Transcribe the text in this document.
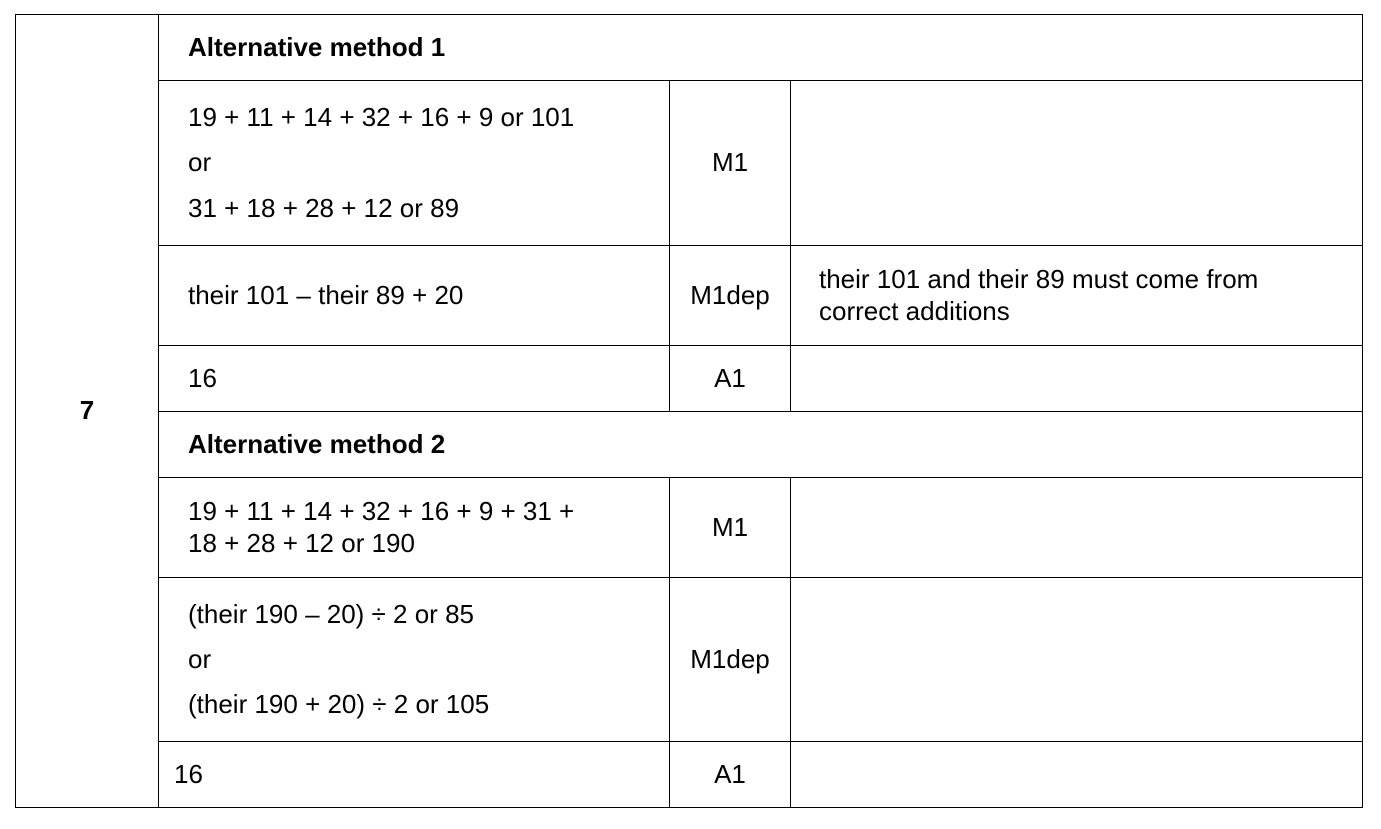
7	Alternative method 1		

	19 + 11 + 14 + 32 + 16 + 9 or 101
or
31 + 18 + 28 + 12 or 89	M1	

	their 101 – their 89 + 20	M1dep	their 101 and their 89 must come from
correct additions

	16	A1	
	Alternative method 2		

	19 + 11 + 14 + 32 + 16 + 9 + 31 +
18 + 28 + 12 or 190	M1	

	(their 190 – 20) ÷ 2 or 85
or
(their 190 + 20) ÷ 2 or 105	M1dep	

	16	A1	
